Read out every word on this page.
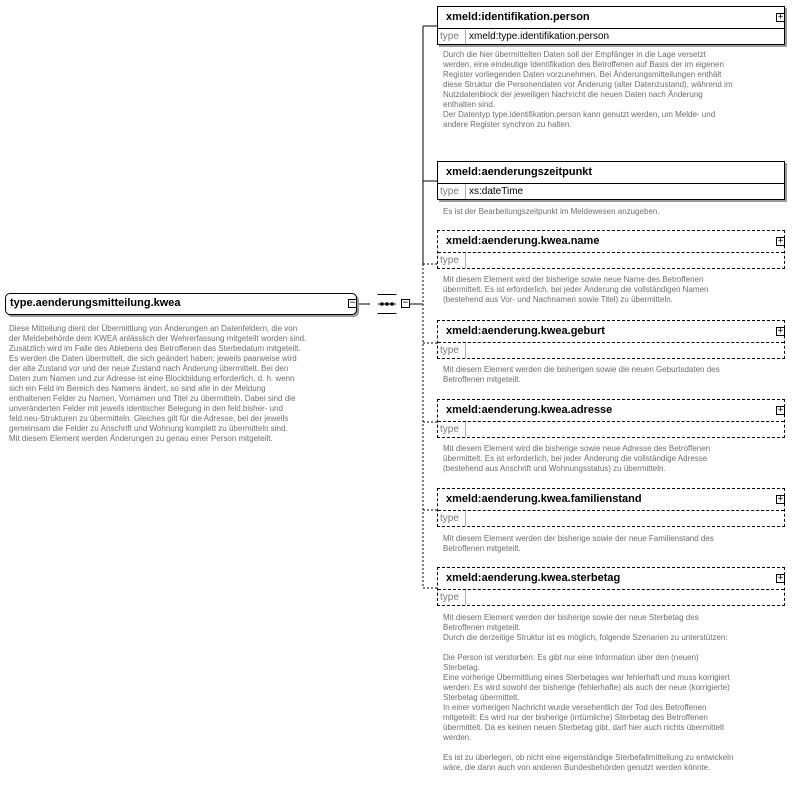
type.aenderungsmitteilung.kwea	−

Diese Mitteilung dient der Übermittlung von Änderungen an Datenfeldern, die von
der Meldebehörde dem KWEA anlässlich der Wehrerfassung mitgeteilt worden sind.
Zusätzlich wird im Falle des Ablebens des Betroffenen das Sterbedatum mitgeteilt.
Es werden die Daten übermittelt, die sich geändert haben; jeweils paarweise wird
der alte Zustand vor und der neue Zustand nach Änderung übermittelt. Bei den
Daten zum Namen und zur Adresse ist eine Blockbildung erforderlich, d. h. wenn
sich ein Feld im Bereich des Namens ändert, so sind alle in der Meldung
enthaltenen Felder zu Namen, Vornamen und Titel zu übermitteln. Dabei sind die
unveränderten Felder mit jeweils identischer Belegung in den feld.bisher- und
feld.neu-Strukturen zu übermitteln. Gleiches gilt für die Adresse, bei der jeweils
gemeinsam die Felder zu Anschrift und Wohnung komplett zu übermitteln sind.
Mit diesem Element werden Änderungen zu genau einer Person mitgeteilt.

−
xmeld:identifikation.person
type	xmeld:type.identifikation.person
+

Durch die hier übermittelten Daten soll der Empfänger in die Lage versetzt
werden, eine eindeutige Identifikation des Betroffenen auf Basis der im eigenen
Register vorliegenden Daten vorzunehmen. Bei Änderungsmitteilungen enthält
diese Struktur die Personendaten vor Änderung (alter Datenzustand), während im
Nutzdatenblock der jeweiligen Nachricht die neuen Daten nach Änderung
enthalten sind.
Der Datentyp type.identifikation.person kann genutzt werden, um Melde- und
andere Register synchron zu halten.

xmeld:aenderungszeitpunkt
type	xs:dateTime

Es ist der Bearbeitungszeitpunkt im Meldewesen anzugeben.

xmeld:aenderung.kwea.name
type
+

Mit diesem Element wird der bisherige sowie neue Name des Betroffenen
übermittelt. Es ist erforderlich, bei jeder Änderung die vollständigen Namen
(bestehend aus Vor- und Nachnamen sowie Titel) zu übermitteln.

xmeld:aenderung.kwea.geburt
type
+

Mit diesem Element werden die bisherigen sowie die neuen Geburtsdaten des
Betroffenen mitgeteilt.

xmeld:aenderung.kwea.adresse
type
+

Mit diesem Element wird die bisherige sowie neue Adresse des Betroffenen
übermittelt. Es ist erforderlich, bei jeder Änderung die vollständige Adresse
(bestehend aus Anschrift und Wohnungsstatus) zu übermitteln.

xmeld:aenderung.kwea.familienstand
type
+

Mit diesem Element werden der bisherige sowie der neue Familienstand des
Betroffenen mitgeteilt.

xmeld:aenderung.kwea.sterbetag
type
+

Mit diesem Element werden der bisherige sowie der neue Sterbetag des
Betroffenen mitgeteilt.
Durch die derzeitige Struktur ist es möglich, folgende Szenarien zu unterstützen:

Die Person ist verstorben: Es gibt nur eine Information über den (neuen)
Sterbetag.
Eine vorherige Übermittlung eines Sterbetages war fehlerhaft und muss korrigiert
werden: Es wird sowohl der bisherige (fehlerhafte) als auch der neue (korrigierte)
Sterbetag übermittelt.
In einer vorherigen Nachricht wurde versehentlich der Tod des Betroffenen
mitgeteilt: Es wird nur der bisherige (irrtümliche) Sterbetag des Betroffenen
übermittelt. Da es keinen neuen Sterbetag gibt, darf hier auch nichts übermittelt
werden.

Es ist zu überlegen, ob nicht eine eigenständige Sterbefallmitteilung zu entwickeln
wäre, die dann auch von anderen Bundesbehörden genutzt werden könnte.
